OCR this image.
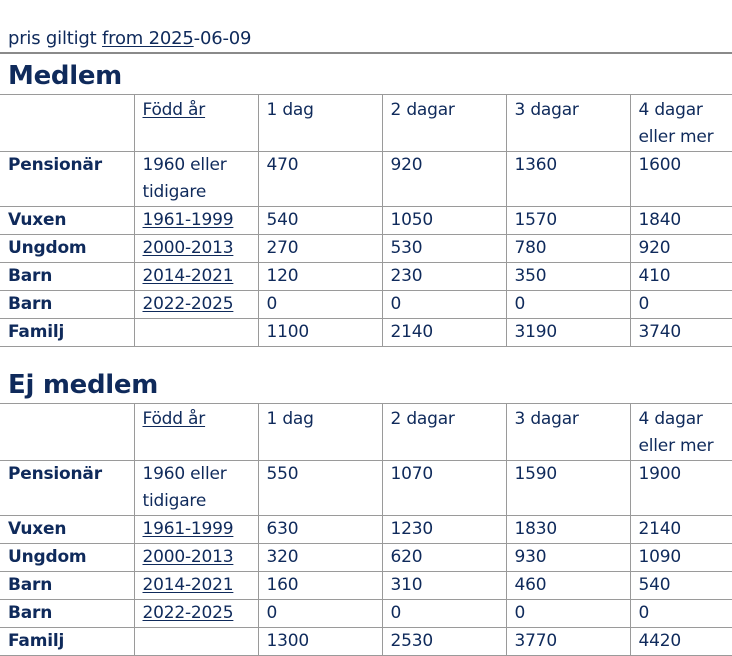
pris giltigt from 2025-06-09
Medlem
	Född år	1 dag	2 dagar	3 dagar	4 dagar eller mer
Pensionär	1960 eller tidigare	470	920	1360	1600
Vuxen	1961-1999	540	1050	1570	1840
Ungdom	2000-2013	270	530	780	920
Barn	2014-2021	120	230	350	410
Barn	2022-2025	0	0	0	0
Familj		1100	2140	3190	3740
Ej medlem
	Född år	1 dag	2 dagar	3 dagar	4 dagar eller mer
Pensionär	1960 eller tidigare	550	1070	1590	1900
Vuxen	1961-1999	630	1230	1830	2140
Ungdom	2000-2013	320	620	930	1090
Barn	2014-2021	160	310	460	540
Barn	2022-2025	0	0	0	0
Familj		1300	2530	3770	4420
